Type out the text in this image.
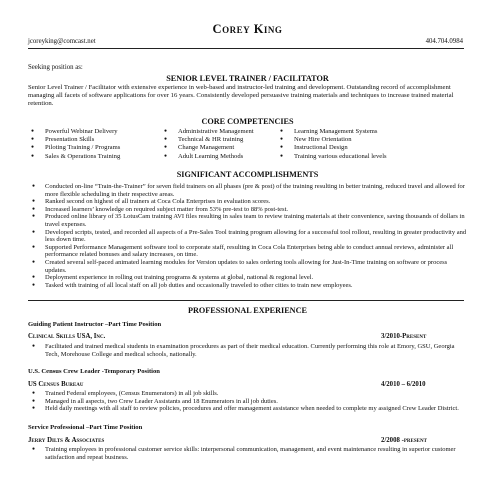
Corey King
jcoreyking@comcast.net	404.704.0984
Seeking position as:
SENIOR LEVEL TRAINER / FACILITATOR
Senior Level Trainer / Facilitator with extensive experience in web-based and instructor-led training and development. Outstanding record of accomplishment managing all facets of software applications for over 16 years. Consistently developed persuasive training materials and techniques to increase trained material retention.
CORE COMPETENCIES
● Powerful Webinar Delivery
● Presentation Skills
● Piloting Training / Programs
● Sales & Operations Training
● Administrative Management
● Technical & HR training
● Change Management
● Adult Learning Methods
● Learning Management Systems
● New Hire Orientation
● Instructional Design
● Training various educational levels
SIGNIFICANT ACCOMPLISHMENTS
● Conducted on-line “Train-the-Trainer” for seven field trainers on all phases (pre & post) of the training resulting in better training, reduced travel and allowed for more flexible scheduling in their respective areas.
● Ranked second on highest of all trainers at Coca Cola Enterprises in evaluation scores.
● Increased learners’ knowledge on required subject matter from 53% pre-test to 88% post-test.
● Produced online library of 35 LotusCam training AVI files resulting in sales team to review training materials at their convenience, saving thousands of dollars in travel expenses.
● Developed scripts, tested, and recorded all aspects of a Pre-Sales Tool training program allowing for a successful tool rollout, resulting in greater productivity and less down time.
● Supported Performance Management software tool to corporate staff, resulting in Coca Cola Enterprises being able to conduct annual reviews, administer all performance related bonuses and salary increases, on time.
● Created several self-paced animated learning modules for Version updates to sales ordering tools allowing for Just-In-Time training on software or process updates.
● Deployment experience in rolling out training programs & systems at global, national & regional level.
● Tasked with training of all local staff on all job duties and occasionally traveled to other cities to train new employees.
PROFESSIONAL EXPERIENCE
Guiding Patient Instructor –Part Time Position
Clinical Skills USA, Inc.	3/2010-Present
● Facilitated and trained medical students in examination procedures as part of their medical education. Currently performing this role at Emory, GSU, Georgia Tech, Morehouse College and medical schools, nationally.
U.S. Census Crew Leader -Temporary Position
US Census Bureau	4/2010 – 6/2010
● Trained Federal employees, (Census Enumerators) in all job skills.
● Managed in all aspects, two Crew Leader Assistants and 18 Enumerators in all job duties.
● Held daily meetings with all staff to review policies, procedures and offer management assistance when needed to complete my assigned Crew Leader District.
Service Professional –Part Time Position
Jerry Dilts & Associates	2/2008 -present
● Training employees in professional customer service skills: interpersonal communication, management, and event maintenance resulting in superior customer satisfaction and repeat business.
